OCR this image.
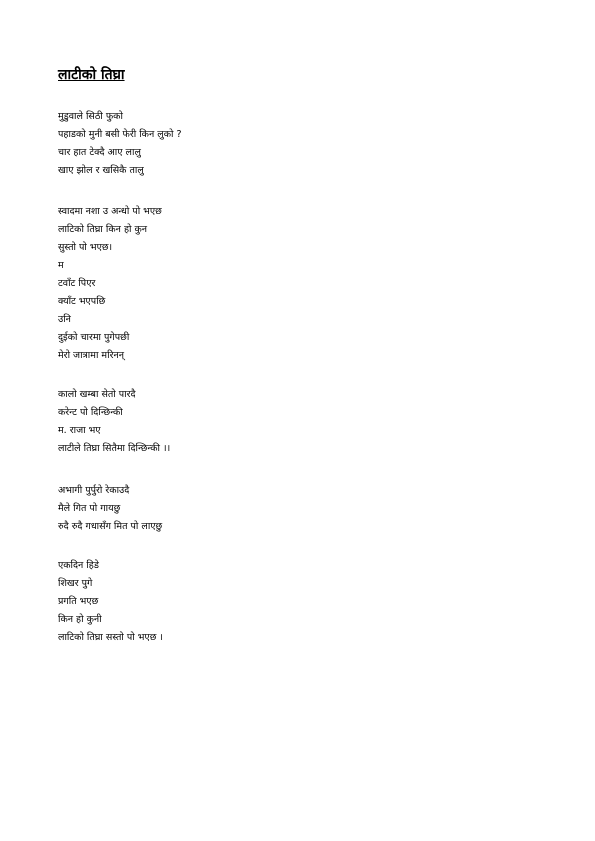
लाटीको तिघ्रा
मुडुवाले सिठी फुको
पहाडको मुनी बसी फेरी किन लुको ?
चार हात टेक्दै आए लालु
खाए झोल र खसिकै तालु
स्वादमा नशा उ अन्धो पो भएछ
लाटिको तिघ्रा किन हो कुन
सुस्तो पो भएछ।
म
टवाँट पिएर
क्याँट भएपछि
उनि
दुईको चारमा पुगेपछी
मेरो जात्रामा मरिनन्
कालो खम्बा सेतो पारदै
करेन्ट पो दिन्छिन्की
म. राजा भए
लाटीले तिघ्रा सितैमा दिन्छिन्की ।।
अभागी पुर्पुरो रेकाउदै
मैले गित पो गायछु
रुदै रुदै गधासँग मित पो लाएछु
एकदिन हिडे
शिखर पुगे
प्रगति भएछ
किन हो कुनी
लाटिको तिघ्रा सस्तो पो भएछ ।
